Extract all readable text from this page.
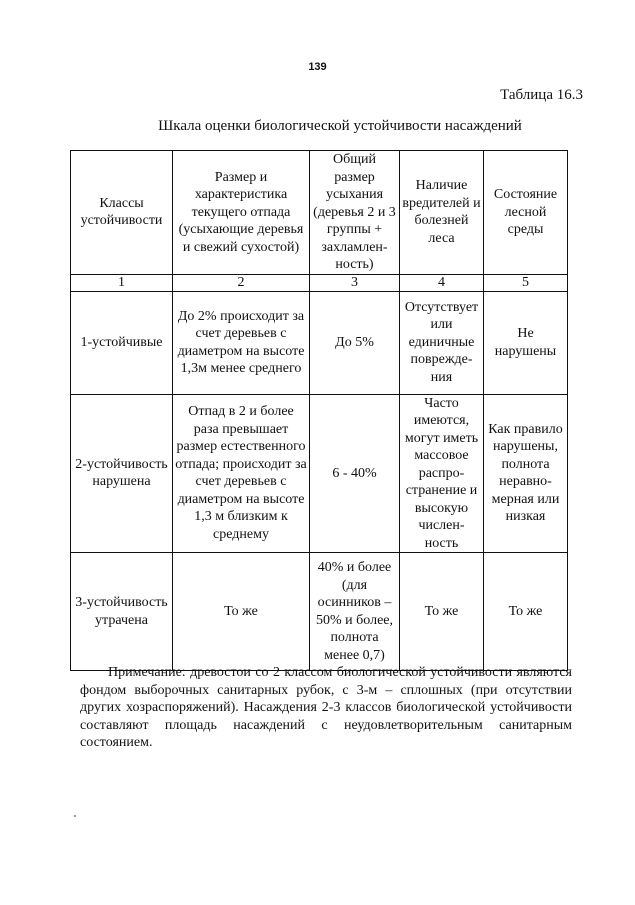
139
Таблица 16.3
Шкала оценки биологической устойчивости насаждений
Классы устойчивости	Размер и характеристика текущего отпада (усыхающие деревья и свежий сухостой)	Общий размер усыхания (деревья 2 и 3 группы + захламлен-ность)	Наличие вредителей и болезней леса	Состояние лесной среды
1	2	3	4	5
1-устойчивые	До 2% происходит за счет деревьев с диаметром на высоте 1,3м менее среднего	До 5%	Отсутствует или единичные поврежде-ния	Не нарушены
2-устойчивость нарушена	Отпад в 2 и более раза превышает размер естественного отпада; происходит за счет деревьев с диаметром на высоте 1,3 м близким к среднему	6 - 40%	Часто имеются, могут иметь массовое распро-странение и высокую числен-ность	Как правило нарушены, полнота неравно-мерная или низкая
3-устойчивость утрачена	То же	40% и более (для осинников – 50% и более, полнота менее 0,7)	То же	То же
Примечание: древостои со 2 классом биологической устойчивости являются фондом выборочных санитарных рубок, с 3-м – сплошных (при отсутствии других хозраспоряжений). Насаждения 2-3 классов биологической устойчивости составляют площадь насаждений с неудовлетворительным санитарным состоянием.
